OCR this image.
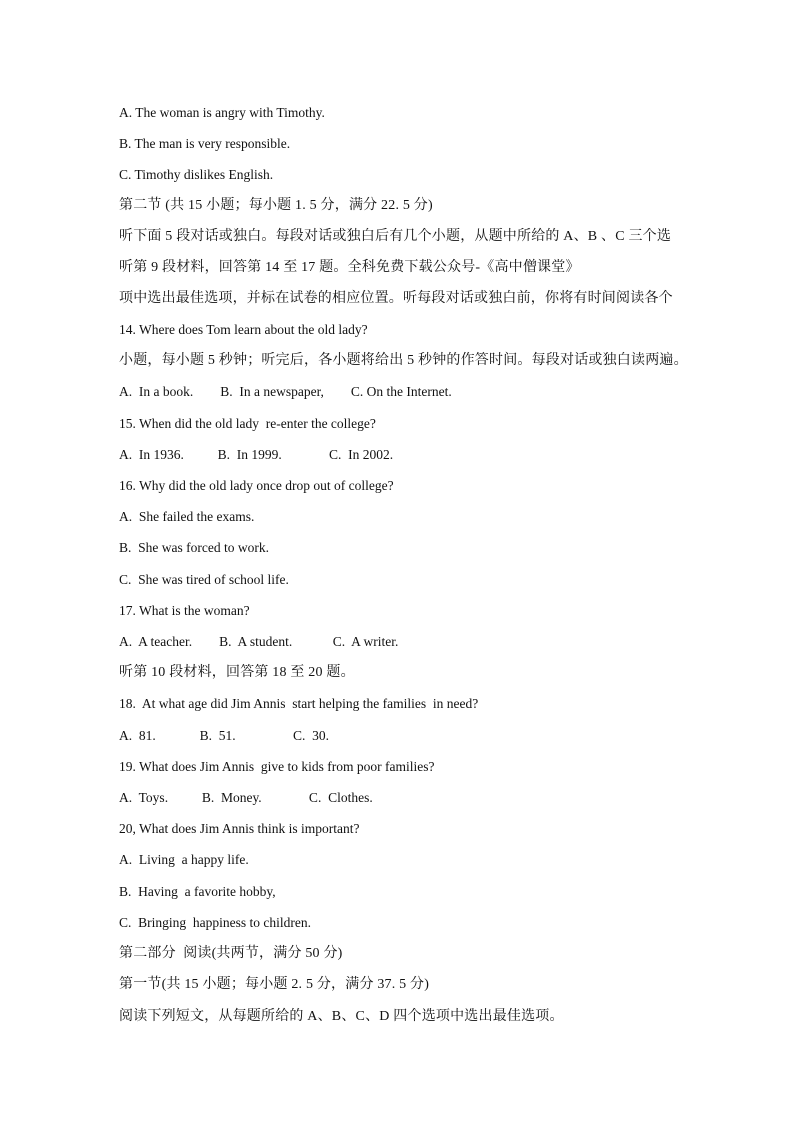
A. The woman is angry with Timothy.
B. The man is very responsible.
C. Timothy dislikes English.
第二节 (共 15 小题；每小题 1. 5 分，满分 22. 5 分)
听下面 5 段对话或独白。每段对话或独白后有几个小题，从题中所给的 A、B 、C 三个选
听第 9 段材料，回答第 14 至 17 题。全科免费下载公众号-《高中僧课堂》
项中选出最佳选项，并标在试卷的相应位置。听每段对话或独白前，你将有时间阅读各个
14. Where does Tom learn about the old lady?
小题，每小题 5 秒钟；听完后，各小题将给出 5 秒钟的作答时间。每段对话或独白读两遍。
A.  In a book.        B.  In a newspaper,        C. On the Internet.
15. When did the old lady  re-enter the college?
A.  In 1936.          B.  In 1999.              C.  In 2002.
16. Why did the old lady once drop out of college?
A.  She failed the exams.
B.  She was forced to work.
C.  She was tired of school life.
17. What is the woman?
A.  A teacher.        B.  A student.            C.  A writer.
听第 10 段材料，回答第 18 至 20 题。
18.  At what age did Jim Annis  start helping the families  in need?
A.  81.             B.  51.                 C.  30.
19. What does Jim Annis  give to kids from poor families?
A.  Toys.          B.  Money.              C.  Clothes.
20, What does Jim Annis think is important?
A.  Living  a happy life.
B.  Having  a favorite hobby,
C.  Bringing  happiness to children.
第二部分  阅读(共两节，满分 50 分)
第一节(共 15 小题；每小题 2. 5 分，满分 37. 5 分)
阅读下列短文，从每题所给的 A、B、C、D 四个选项中选出最佳选项。
